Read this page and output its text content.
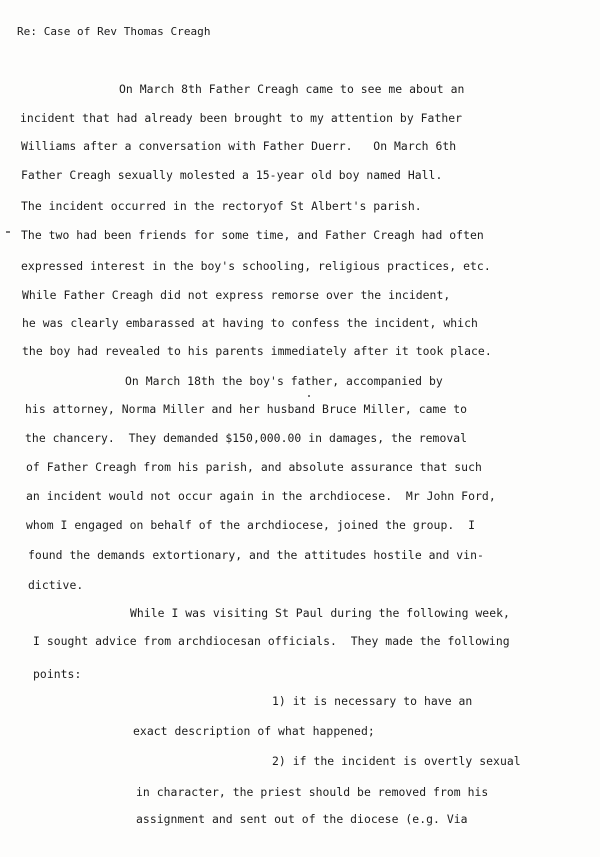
Re: Case of Rev Thomas Creagh
On March 8th Father Creagh came to see me about an
incident that had already been brought to my attention by Father
Williams after a conversation with Father Duerr.   On March 6th
Father Creagh sexually molested a 15-year old boy named Hall.
The incident occurred in the rectoryof St Albert's parish.
The two had been friends for some time, and Father Creagh had often
expressed interest in the boy's schooling, religious practices, etc.
While Father Creagh did not express remorse over the incident,
he was clearly embarassed at having to confess the incident, which
the boy had revealed to his parents immediately after it took place.
On March 18th the boy's father, accompanied by
his attorney, Norma Miller and her husband Bruce Miller, came to
the chancery.  They demanded $150,000.00 in damages, the removal
of Father Creagh from his parish, and absolute assurance that such
an incident would not occur again in the archdiocese.  Mr John Ford,
whom I engaged on behalf of the archdiocese, joined the group.  I
found the demands extortionary, and the attitudes hostile and vin-
dictive.
While I was visiting St Paul during the following week,
I sought advice from archdiocesan officials.  They made the following
points:
1) it is necessary to have an
exact description of what happened;
2) if the incident is overtly sexual
in character, the priest should be removed from his
assignment and sent out of the diocese (e.g. Via
